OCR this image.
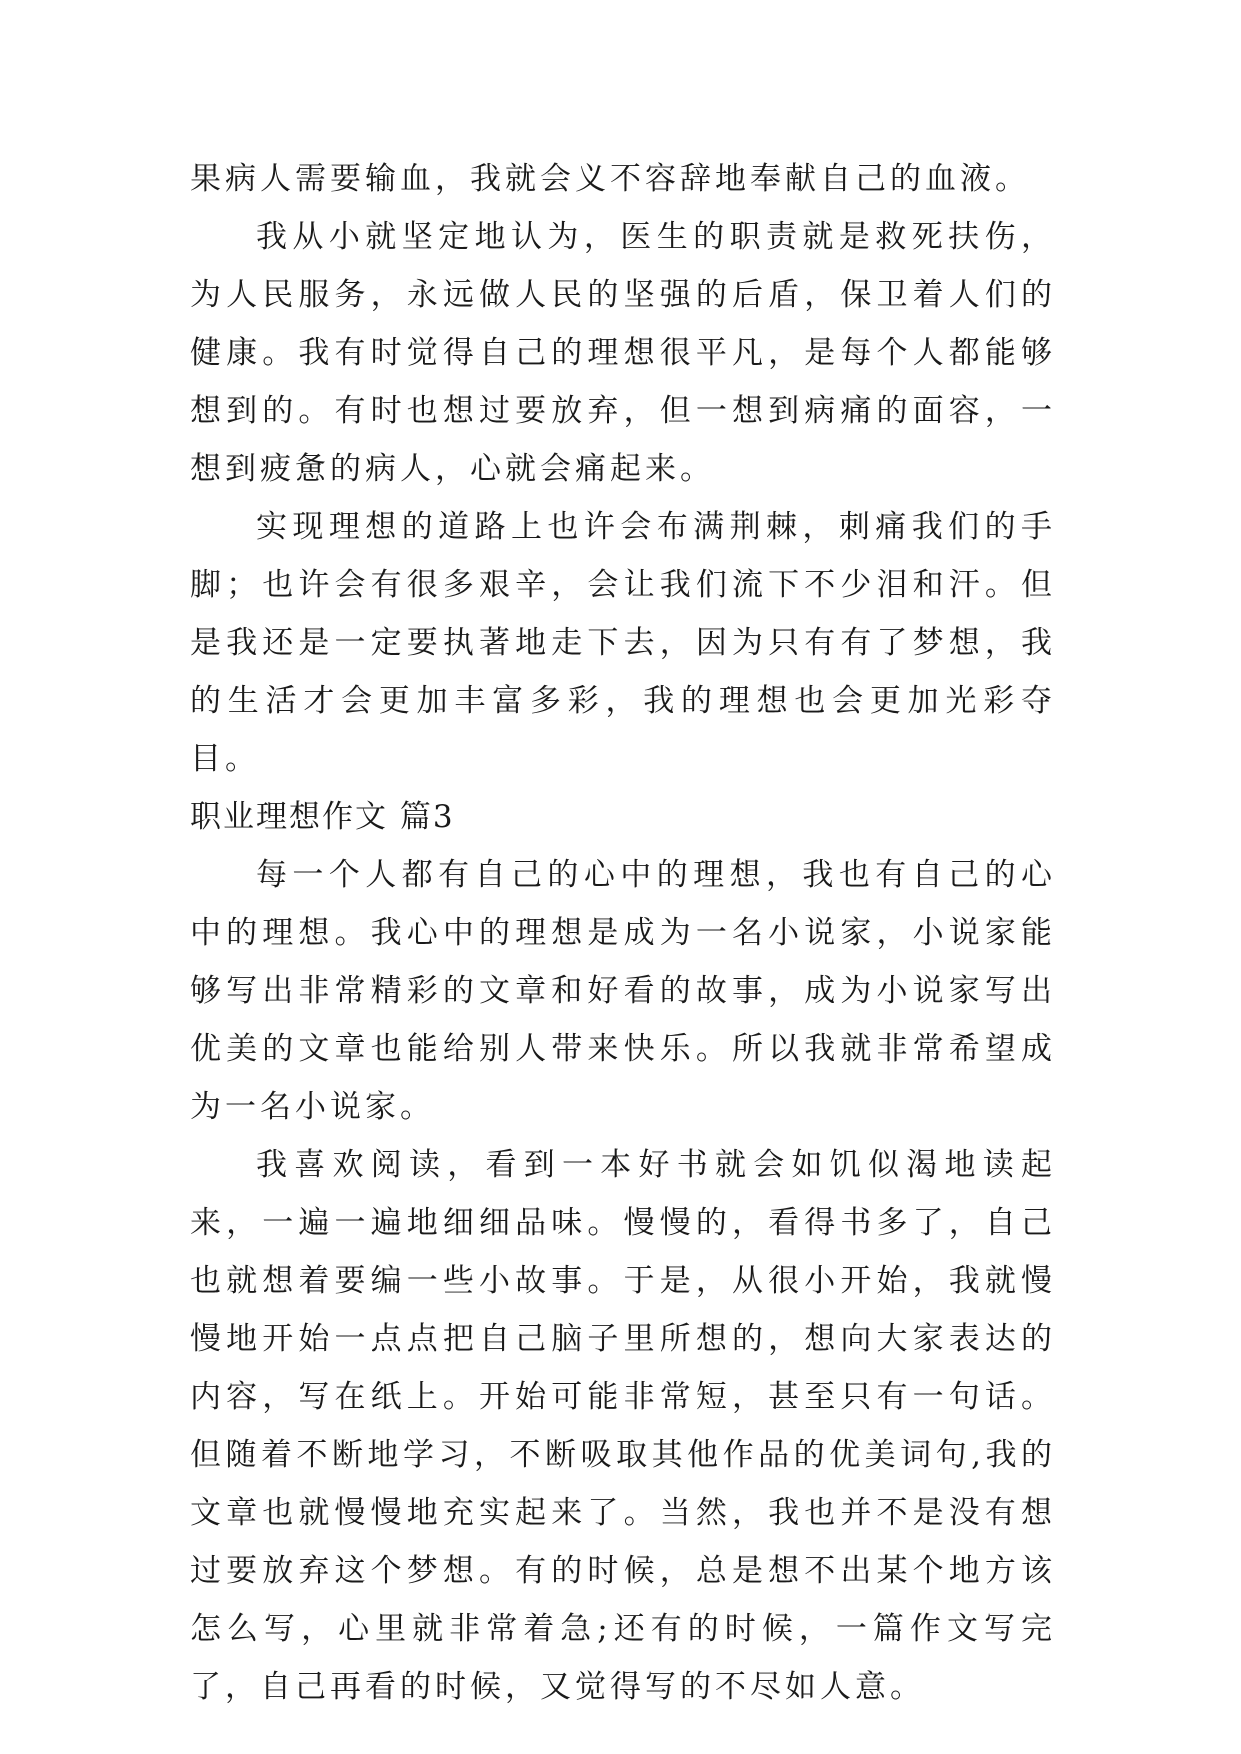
果病人需要输血，我就会义不容辞地奉献自己的血液。

我从小就坚定地认为，医生的职责就是救死扶伤，为人民服务，永远做人民的坚强的后盾，保卫着人们的健康。我有时觉得自己的理想很平凡，是每个人都能够想到的。有时也想过要放弃，但一想到病痛的面容，一想到疲惫的病人，心就会痛起来。

实现理想的道路上也许会布满荆棘，刺痛我们的手脚；也许会有很多艰辛，会让我们流下不少泪和汗。但是我还是一定要执著地走下去，因为只有有了梦想，我的生活才会更加丰富多彩，我的理想也会更加光彩夺目。

职业理想作文 篇3

每一个人都有自己的心中的理想，我也有自己的心中的理想。我心中的理想是成为一名小说家，小说家能够写出非常精彩的文章和好看的故事，成为小说家写出优美的文章也能给别人带来快乐。所以我就非常希望成为一名小说家。

我喜欢阅读，看到一本好书就会如饥似渴地读起来，一遍一遍地细细品味。慢慢的，看得书多了，自己也就想着要编一些小故事。于是，从很小开始，我就慢慢地开始一点点把自己脑子里所想的，想向大家表达的内容，写在纸上。开始可能非常短，甚至只有一句话。但随着不断地学习，不断吸取其他作品的优美词句,我的文章也就慢慢地充实起来了。当然，我也并不是没有想过要放弃这个梦想。有的时候，总是想不出某个地方该怎么写，心里就非常着急;还有的时候，一篇作文写完了，自己再看的时候，又觉得写的不尽如人意。
